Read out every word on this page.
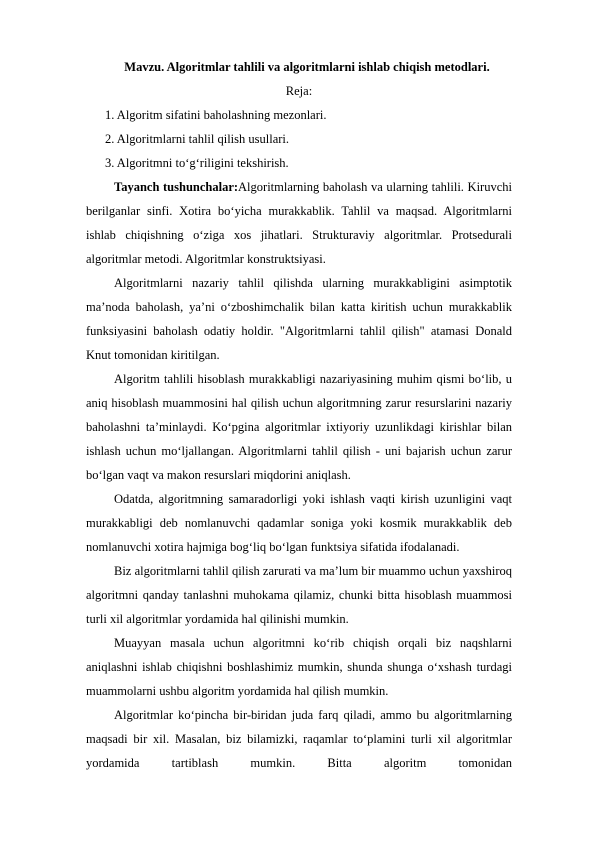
Mavzu. Algoritmlar tahlili va algoritmlarni ishlab chiqish metodlari.

Reja:

1. Algoritm sifatini baholashning mezonlari.
2. Algoritmlarni tahlil qilish usullari.
3. Algoritmni to‘g‘riligini tekshirish.

Tayanch tushunchalar:Algoritmlarning baholash va ularning tahlili. Kiruvchi berilganlar sinfi. Xotira bo‘yicha murakkablik. Tahlil va maqsad. Algoritmlarni ishlab chiqishning o‘ziga xos jihatlari. Strukturaviy algoritmlar. Protsedurali algoritmlar metodi. Algoritmlar konstruktsiyasi.

Algoritmlarni nazariy tahlil qilishda ularning murakkabligini asimptotik ma’noda baholash, ya’ni o‘zboshimchalik bilan katta kiritish uchun murakkablik funksiyasini baholash odatiy holdir. "Algoritmlarni tahlil qilish" atamasi Donald Knut tomonidan kiritilgan.

Algoritm tahlili hisoblash murakkabligi nazariyasining muhim qismi bo‘lib, u aniq hisoblash muammosini hal qilish uchun algoritmning zarur resurslarini nazariy baholashni ta’minlaydi. Ko‘pgina algoritmlar ixtiyoriy uzunlikdagi kirishlar bilan ishlash uchun mo‘ljallangan. Algoritmlarni tahlil qilish - uni bajarish uchun zarur bo‘lgan vaqt va makon resurslari miqdorini aniqlash.

Odatda, algoritmning samaradorligi yoki ishlash vaqti kirish uzunligini vaqt murakkabligi deb nomlanuvchi qadamlar soniga yoki kosmik murakkablik deb nomlanuvchi xotira hajmiga bog‘liq bo‘lgan funktsiya sifatida ifodalanadi.

Biz algoritmlarni tahlil qilish zarurati va ma’lum bir muammo uchun yaxshiroq algoritmni qanday tanlashni muhokama qilamiz, chunki bitta hisoblash muammosi turli xil algoritmlar yordamida hal qilinishi mumkin.

Muayyan masala uchun algoritmni ko‘rib chiqish orqali biz naqshlarni aniqlashni ishlab chiqishni boshlashimiz mumkin, shunda shunga o‘xshash turdagi muammolarni ushbu algoritm yordamida hal qilish mumkin.

Algoritmlar ko‘pincha bir-biridan juda farq qiladi, ammo bu algoritmlarning maqsadi bir xil. Masalan, biz bilamizki, raqamlar to‘plamini turli xil algoritmlar yordamida tartiblash mumkin. Bitta algoritm tomonidan
